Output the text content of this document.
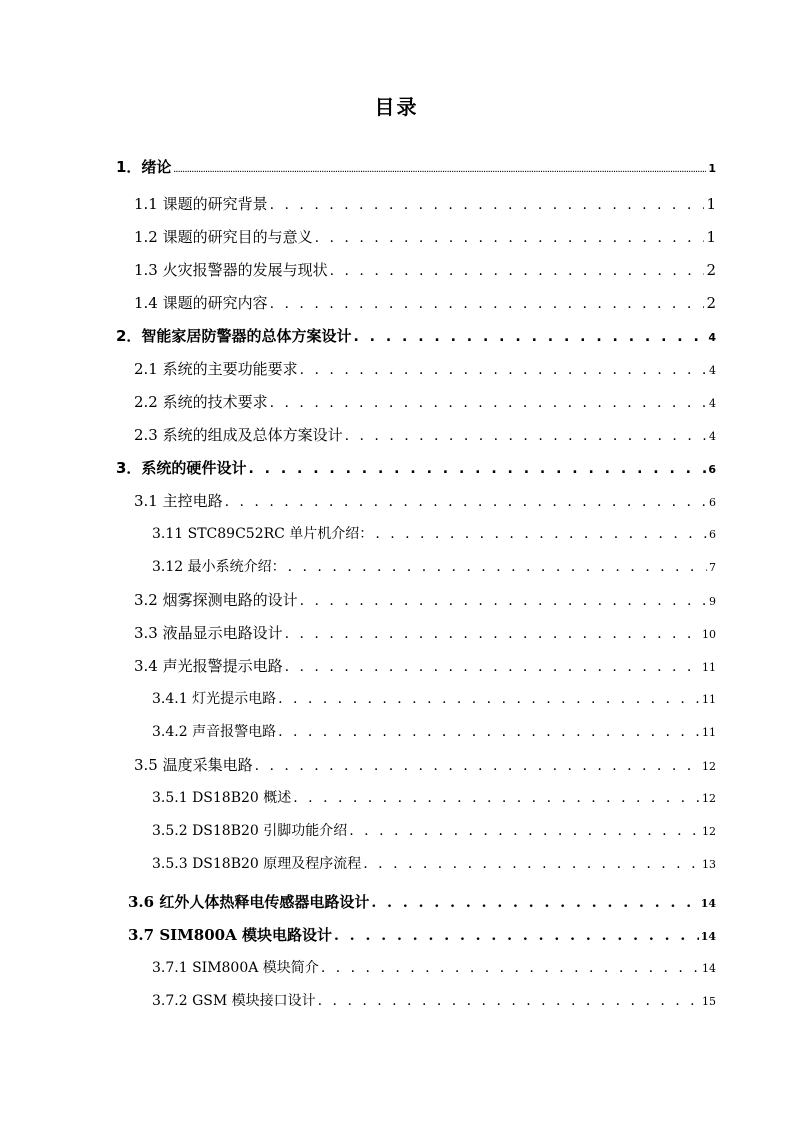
目录
1．绪论 .....	1
1.1 课题的研究背景 . . .	1
1.2 课题的研究目的与意义 . . .	1
1.3 火灾报警器的发展与现状 . . .	2
1.4 课题的研究内容 . . .	2
2．智能家居防警器的总体方案设计 . . .	4
2.1 系统的主要功能要求 . . .	4
2.2 系统的技术要求 . . .	4
2.3 系统的组成及总体方案设计 . . .	4
3．系统的硬件设计 . . .	6
3.1 主控电路 . . .	6
3.11 STC89C52RC 单片机介绍： . . .	6
3.12 最小系统介绍： . . .	7
3.2 烟雾探测电路的设计 . . .	9
3.3 液晶显示电路设计 . . .	10
3.4 声光报警提示电路 . . .	11
3.4.1 灯光提示电路 . . .	11
3.4.2 声音报警电路 . . .	11
3.5 温度采集电路 . . .	12
3.5.1 DS18B20 概述 . . .	12
3.5.2 DS18B20 引脚功能介绍 . . .	12
3.5.3 DS18B20 原理及程序流程 . . .	13
3.6 红外人体热释电传感器电路设计 . . .	14
3.7 SIM800A 模块电路设计 . . .	14
3.7.1 SIM800A 模块简介 . . .	14
3.7.2 GSM 模块接口设计 . . .	15
